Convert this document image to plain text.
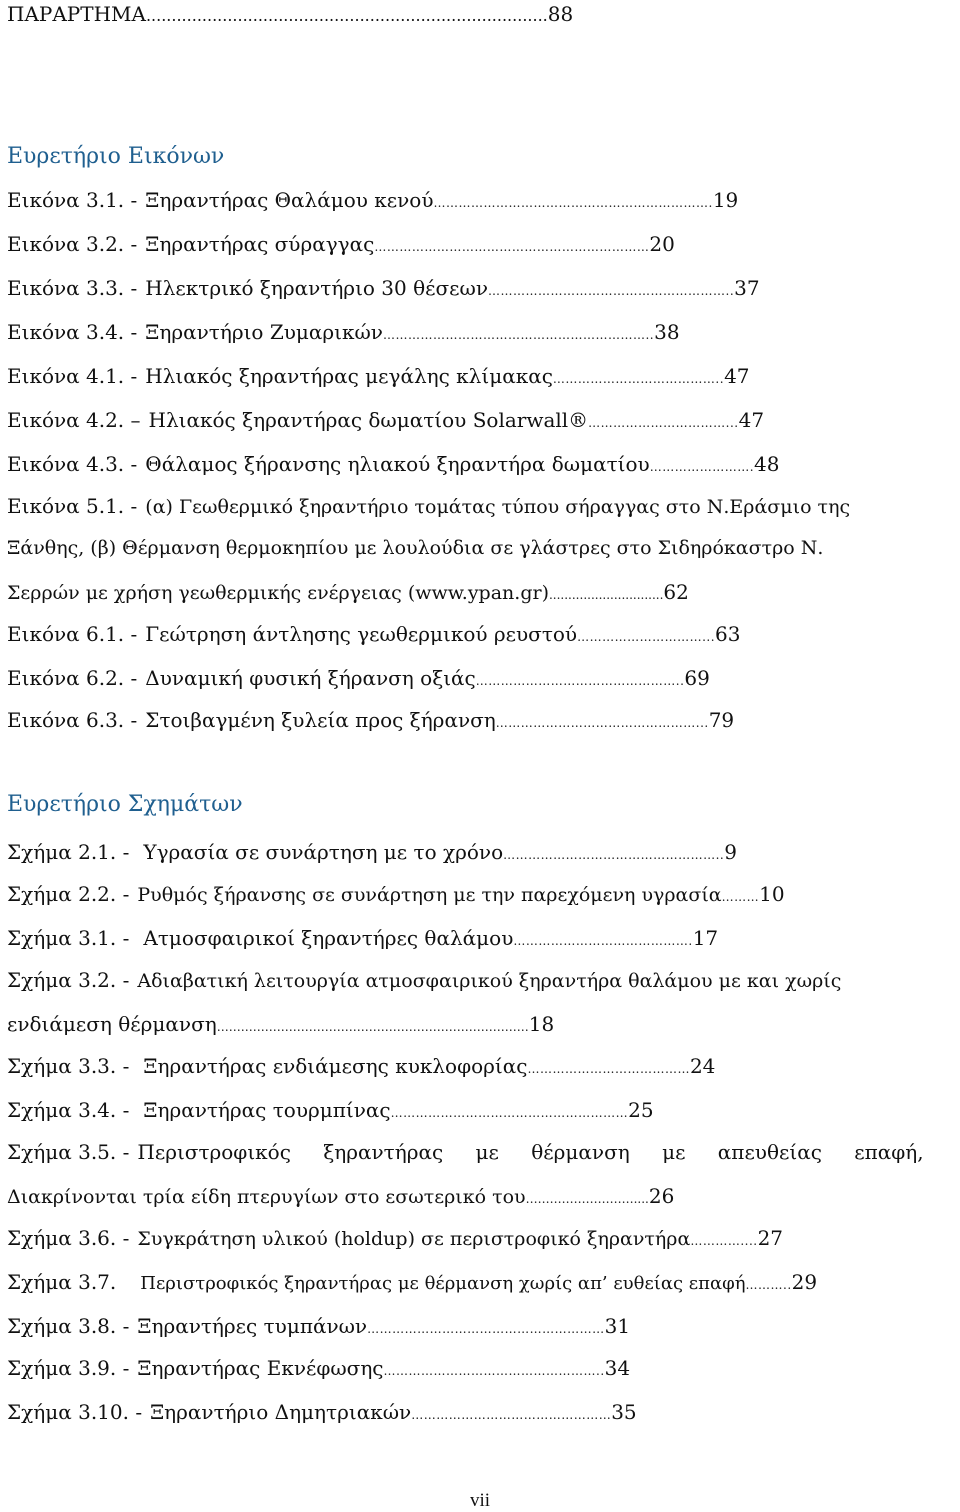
ΠΑΡΑΡΤΗΜΑ...............................................................................88
Ευρετήριο Εικόνων
Εικόνα 3.1. - Ξηραντήρας Θαλάμου κενού………………………………………………………….19
Εικόνα 3.2. - Ξηραντήρας σύραγγας…………………………………………………………20
Εικόνα 3.3. - Ηλεκτρικό ξηραντήριο 30 θέσεων…………………………………………………..37
Εικόνα 3.4. - Ξηραντήριο Ζυμαρικών………………………………………………………..38
Εικόνα 4.1. - Ηλιακός ξηραντήρας μεγάλης κλίμακας…………………………………..47
Εικόνα 4.2. – Ηλιακός ξηραντήρας δωματίου Solarwall®……………………………...47
Εικόνα 4.3. - Θάλαμος ξήρανσης ηλιακού ξηραντήρα δωματίου…………………….48
Εικόνα 5.1. - (α) Γεωθερμικό ξηραντήριο τομάτας τύπου σήραγγας στο Ν.Εράσμιο της
Ξάνθης, (β) Θέρμανση θερμοκηπίου με λουλούδια σε γλάστρες στο Σιδηρόκαστρο Ν.
Σερρών με χρήση γεωθερμικής ενέργειας (www.ypan.gr)..............................62
Εικόνα 6.1. - Γεώτρηση άντλησης γεωθερμικού ρευστού…………………………...63
Εικόνα 6.2. - Δυναμική φυσική ξήρανση οξιάς…………………………………………..69
Εικόνα 6.3. - Στοιβαγμένη ξυλεία προς ξήρανση…………………………………………...79
Ευρετήριο Σχημάτων
Σχήμα 2.1. - Υγρασία σε συνάρτηση με το χρόνο……………………………………………..9
Σχήμα 2.2. - Ρυθμός ξήρανσης σε συνάρτηση με την παρεχόμενη υγρασία………10
Σχήμα 3.1. - Ατμοσφαιρικοί ξηραντήρες θαλάμου…………………………………….17
Σχήμα 3.2. - Αδιαβατική λειτουργία ατμοσφαιρικού ξηραντήρα θαλάμου με και χωρίς
ενδιάμεση θέρμανση……………………………………………………………………18
Σχήμα 3.3. - Ξηραντήρας ενδιάμεσης κυκλοφορίας…………………………………24
Σχήμα 3.4. - Ξηραντήρας τουρμπίνας…………………………………………………25
Σχήμα 3.5. - Περιστροφικός ξηραντήρας με θέρμανση με απευθείας επαφή,
Διακρίνονται τρία είδη πτερυγίων στο εσωτερικό του………………………....26
Σχήμα 3.6. - Συγκράτηση υλικού (holdup) σε περιστροφικό ξηραντήρα…………....27
Σχήμα 3.7. Περιστροφικός ξηραντήρας με θέρμανση χωρίς απ’ ευθείας επαφή………..29
Σχήμα 3.8. - Ξηραντήρες τυμπάνων…………………………………………………31
Σχήμα 3.9. - Ξηραντήρας Εκνέφωσης……………………………………………..34
Σχήμα 3.10. - Ξηραντήριο Δημητριακών…………………………………………35
vii
